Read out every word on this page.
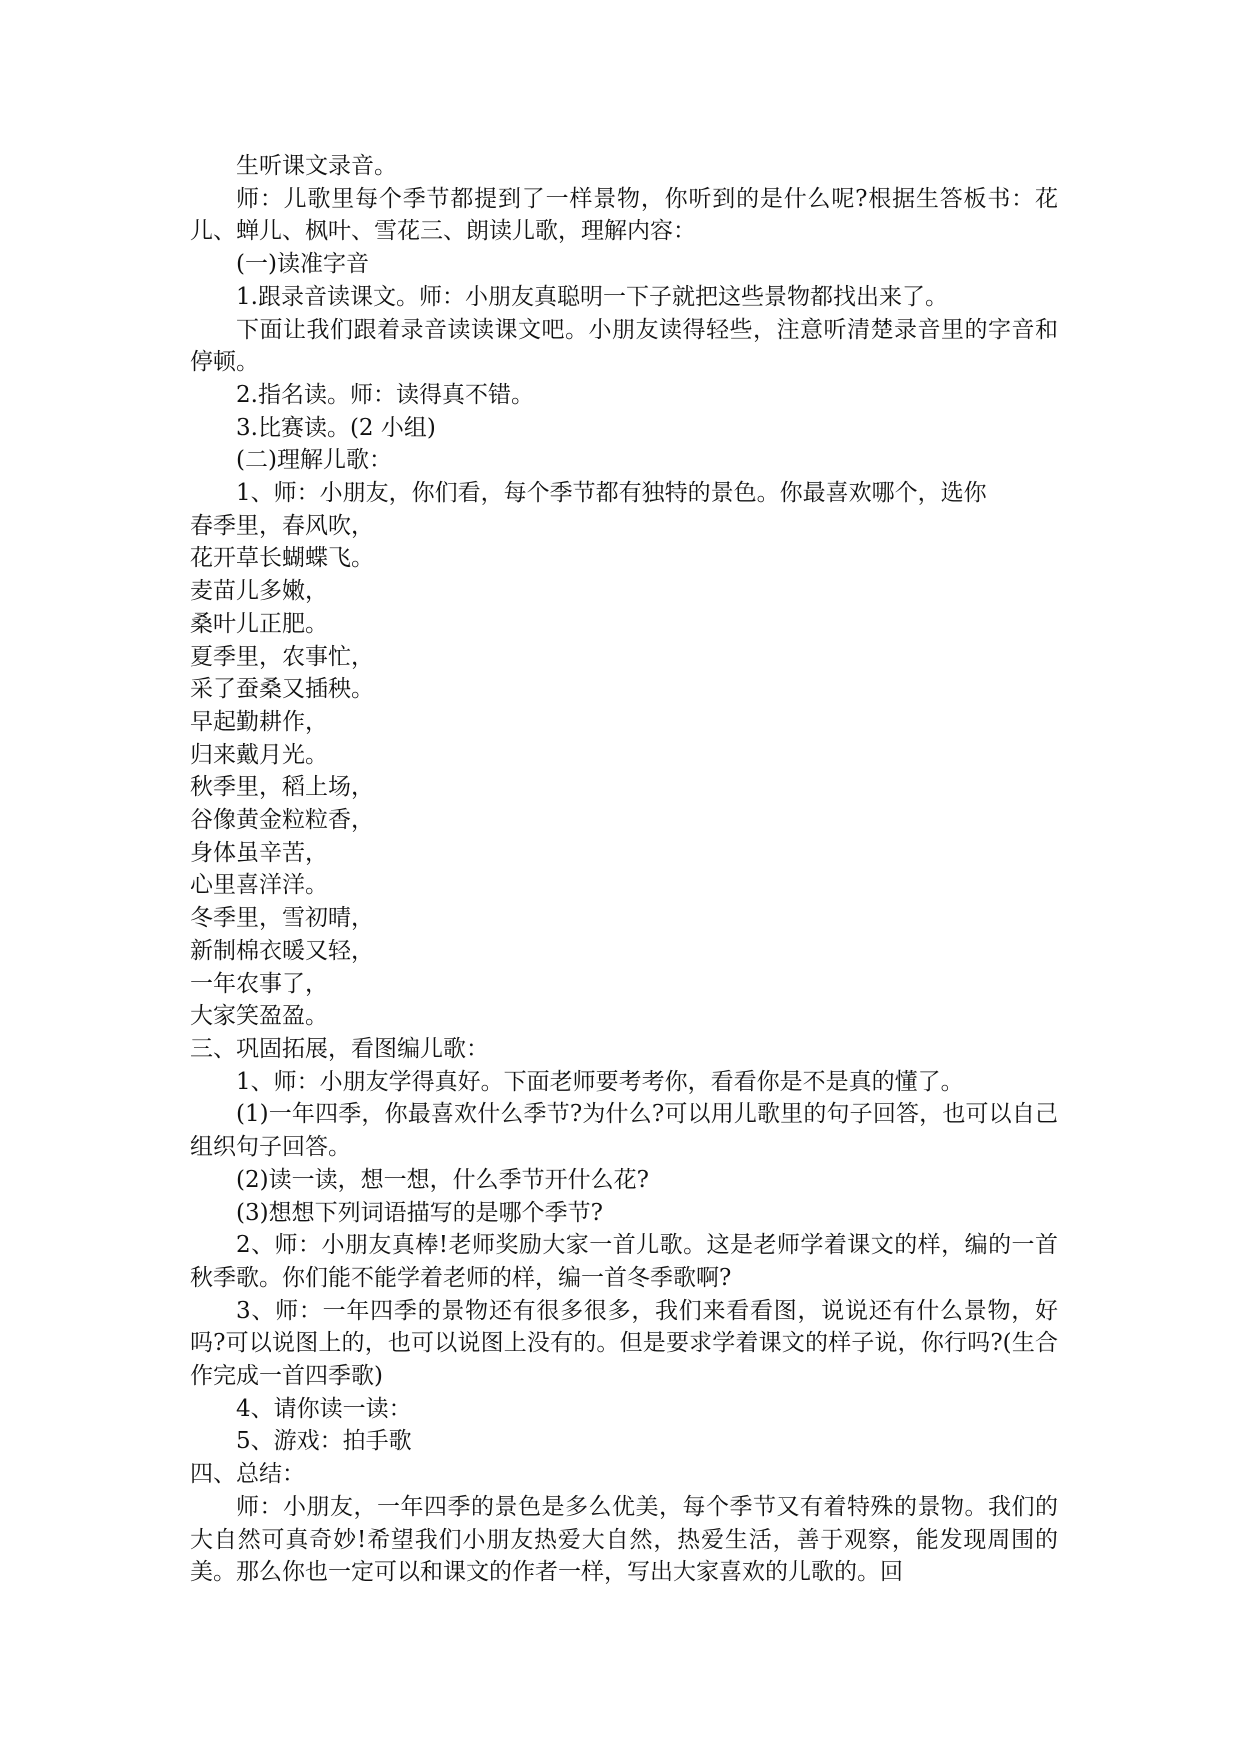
生听课文录音。

师：儿歌里每个季节都提到了一样景物，你听到的是什么呢?根据生答板书：花儿、蝉儿、枫叶、雪花三、朗读儿歌，理解内容：

(一)读准字音

1.跟录音读课文。师：小朋友真聪明一下子就把这些景物都找出来了。

下面让我们跟着录音读读课文吧。小朋友读得轻些，注意听清楚录音里的字音和停顿。

2.指名读。师：读得真不错。

3.比赛读。(2 小组)

(二)理解儿歌：

1、师：小朋友，你们看，每个季节都有独特的景色。你最喜欢哪个，选你

春季里，春风吹，

花开草长蝴蝶飞。

麦苗儿多嫩，

桑叶儿正肥。

夏季里，农事忙，

采了蚕桑又插秧。

早起勤耕作，

归来戴月光。

秋季里，稻上场，

谷像黄金粒粒香，

身体虽辛苦，

心里喜洋洋。

冬季里，雪初晴，

新制棉衣暖又轻，

一年农事了，

大家笑盈盈。

三、巩固拓展，看图编儿歌：

1、师：小朋友学得真好。下面老师要考考你，看看你是不是真的懂了。

(1)一年四季，你最喜欢什么季节?为什么?可以用儿歌里的句子回答，也可以自己组织句子回答。

(2)读一读，想一想，什么季节开什么花?

(3)想想下列词语描写的是哪个季节?

2、师：小朋友真棒!老师奖励大家一首儿歌。这是老师学着课文的样，编的一首秋季歌。你们能不能学着老师的样，编一首冬季歌啊?

3、师：一年四季的景物还有很多很多，我们来看看图，说说还有什么景物，好吗?可以说图上的，也可以说图上没有的。但是要求学着课文的样子说，你行吗?(生合作完成一首四季歌)

4、请你读一读：

5、游戏：拍手歌

四、总结：

师：小朋友，一年四季的景色是多么优美，每个季节又有着特殊的景物。我们的大自然可真奇妙!希望我们小朋友热爱大自然，热爱生活，善于观察，能发现周围的美。那么你也一定可以和课文的作者一样，写出大家喜欢的儿歌的。回
